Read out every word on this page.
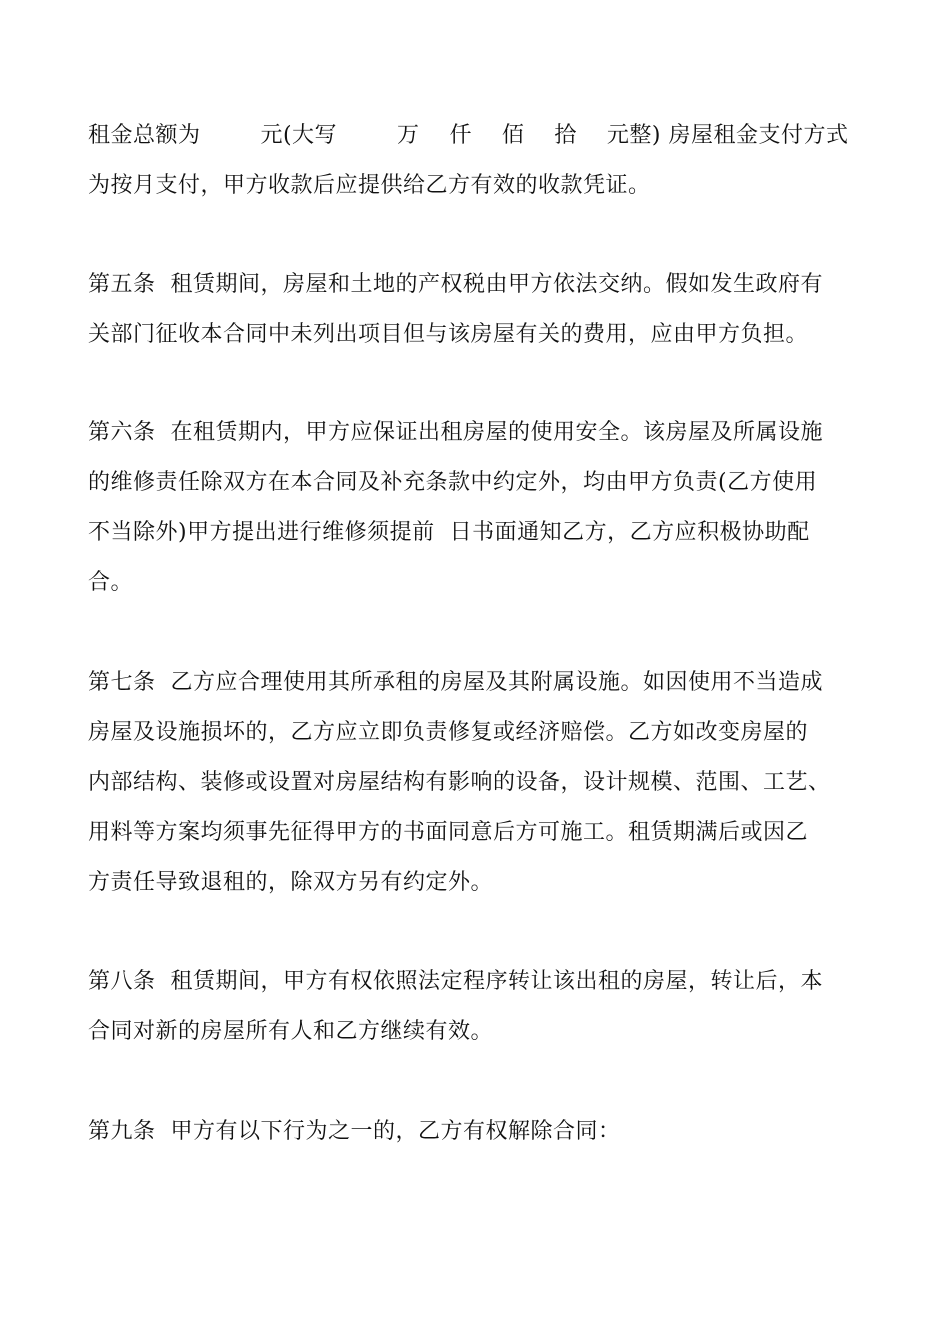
租金总额为        元(大写        万    仟    佰    拾    元整) 房屋租金支付方式
为按月支付，甲方收款后应提供给乙方有效的收款凭证。
第五条  租赁期间，房屋和土地的产权税由甲方依法交纳。假如发生政府有
关部门征收本合同中未列出项目但与该房屋有关的费用，应由甲方负担。
第六条  在租赁期内，甲方应保证出租房屋的使用安全。该房屋及所属设施
的维修责任除双方在本合同及补充条款中约定外，均由甲方负责(乙方使用
不当除外)甲方提出进行维修须提前  日书面通知乙方，乙方应积极协助配
合。
第七条  乙方应合理使用其所承租的房屋及其附属设施。如因使用不当造成
房屋及设施损坏的，乙方应立即负责修复或经济赔偿。乙方如改变房屋的
内部结构、装修或设置对房屋结构有影响的设备，设计规模、范围、工艺、
用料等方案均须事先征得甲方的书面同意后方可施工。租赁期满后或因乙
方责任导致退租的，除双方另有约定外。
第八条  租赁期间，甲方有权依照法定程序转让该出租的房屋，转让后，本
合同对新的房屋所有人和乙方继续有效。
第九条  甲方有以下行为之一的，乙方有权解除合同：
